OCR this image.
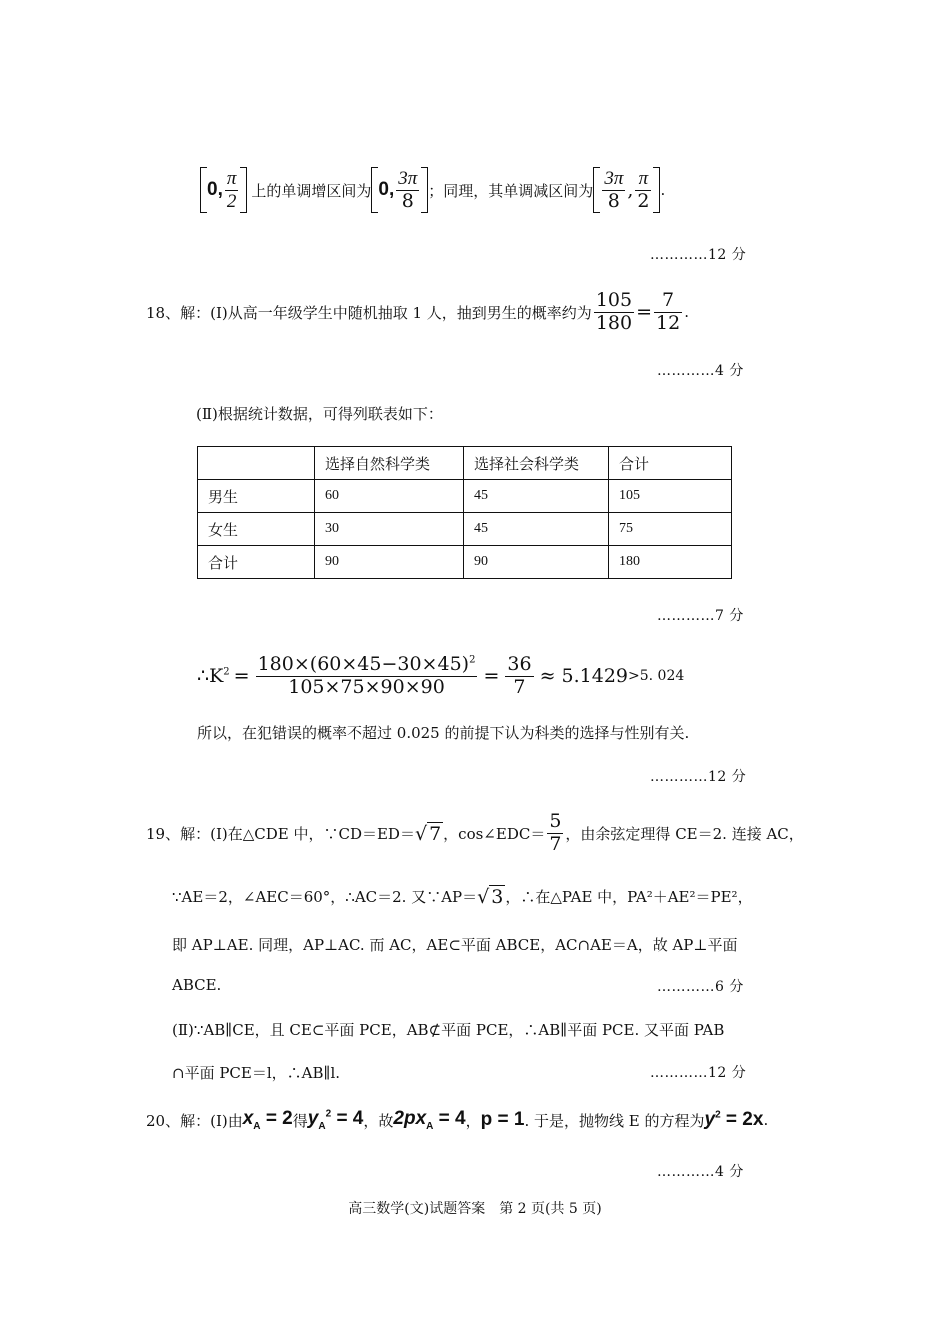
0, $\frac{\pi}{2}$ 上的单调增区间为 0, $\frac{3\pi}{8}$ ；同理，其单调减区间为 $\frac{3\pi}{8}$ , $\frac{\pi}{2}$ .
…………12 分
18、解：(Ⅰ)从高一年级学生中随机抽取 1 人，抽到男生的概率约为 $\frac{105}{180} = \frac{7}{12}$ .
…………4 分
(Ⅱ)根据统计数据，可得列联表如下：
	选择自然科学类	选择社会科学类	合计
男生	60	45	105
女生	30	45	75
合计	90	90	180
…………7 分
$\therefore K^2 = \frac{180\times(60\times 45-30\times 45)^2}{105\times 75\times 90\times 90} = \frac{36}{7} \approx 5.1429 >5$. 024
所以，在犯错误的概率不超过 0.025 的前提下认为科类的选择与性别有关.
…………12 分
19、解：(Ⅰ)在△CDE 中，∵CD＝ED＝ √ 7 ，cos∠EDC＝ $\frac{5}{7}$ ，由余弦定理得 CE＝2. 连接 AC，
∵AE＝2，∠AEC＝60°，∴AC＝2. 又∵AP＝ √ 3 ，∴在△PAE 中，PA²＋AE²＝PE²，
即 AP⊥AE. 同理，AP⊥AC. 而 AC，AE⊂平面 ABCE，AC∩AE＝A，故 AP⊥平面
ABCE.	…………6 分
(Ⅱ)∵AB∥CE，且 CE⊂平面 PCE，AB⊄平面 PCE，∴AB∥平面 PCE. 又平面 PAB
∩平面 PCE＝l，∴AB∥l.	…………12 分
20、解：(Ⅰ)由 $x_A = 2$ 得 $y_A^2 = 4$ ，故 $2px_A = 4$ ， p = 1 . 于是，抛物线 E 的方程为 $y^2 = 2x$ .
…………4 分
高三数学(文)试题答案　第 2 页(共 5 页)
